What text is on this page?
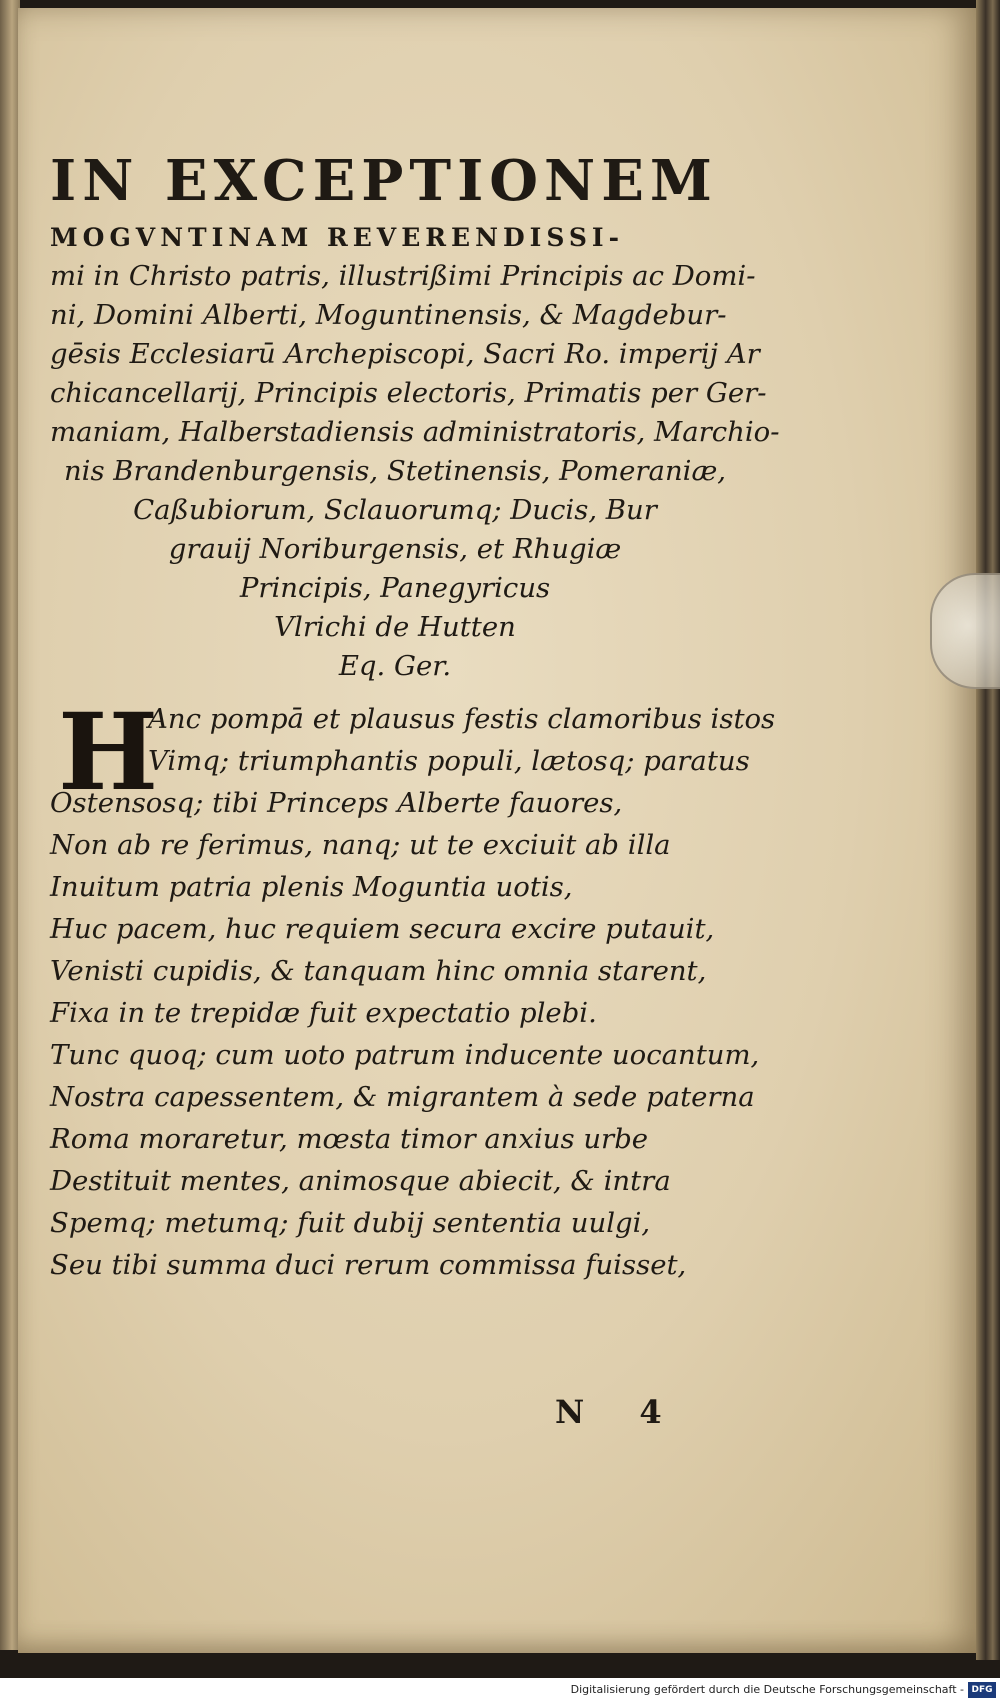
IN EXCEPTIONEM
MOGVNTINAM REVERENDISSI-
mi in Christo patris, illustrißimi Principis ac Domi-
ni, Domini Alberti, Moguntinensis, & Magdebur-
gēsis Ecclesiarū Archepiscopi, Sacri Ro. imperij Ar
chicancellarij, Principis electoris, Primatis per Ger-
maniam, Halberstadiensis administratoris, Marchio-
nis Brandenburgensis, Stetinensis, Pomeraniæ,
Caßubiorum, Sclauorumq; Ducis, Bur
grauij Noriburgensis, et Rhugiæ
Principis, Panegyricus
Vlrichi de Hutten
Eq. Ger.
H
Anc pompā et plausus festis clamoribus istos
Vimq; triumphantis populi, lætosq; paratus
Ostensosq; tibi Princeps Alberte fauores,
Non ab re ferimus, nanq; ut te exciuit ab illa
Inuitum patria plenis Moguntia uotis,
Huc pacem, huc requiem secura excire putauit,
Venisti cupidis, & tanquam hinc omnia starent,
Fixa in te trepidæ fuit expectatio plebi.
Tunc quoq; cum uoto patrum inducente uocantum,
Nostra capessentem, & migrantem à sede paterna
Roma moraretur, mœsta timor anxius urbe
Destituit mentes, animosque abiecit, & intra
Spemq; metumq; fuit dubij sententia uulgi,
Seu tibi summa duci rerum commissa fuisset,
N 4
Digitalisierung gefördert durch die Deutsche Forschungsgemeinschaft - DFG
